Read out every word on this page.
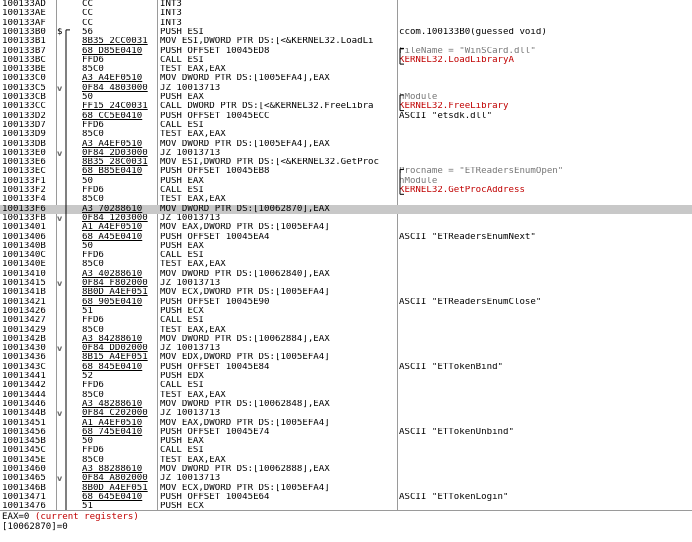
100133AD	CC	INT3
100133AE	CC	INT3
100133AF	CC	INT3
100133B0	$	56	PUSH ESI	ccom.100133B0(guessed void)
100133B1	8B35 2CC0031	MOV ESI,DWORD PTR DS:[<&KERNEL32.LoadLi
100133B7	68 D85E0410	PUSH OFFSET 10045ED8	FileName = "WinSCard.dll"
100133BC	FFD6	CALL ESI	KERNEL32.LoadLibraryA
100133BE	85C0	TEST EAX,EAX
100133C0	A3 A4EF0510	MOV DWORD PTR DS:[1005EFA4],EAX
100133C5	v	0F84 4803000	JZ 10013713
100133CB	50	PUSH EAX	hModule
100133CC	FF15 24C0031	CALL DWORD PTR DS:[<&KERNEL32.FreeLibra	KERNEL32.FreeLibrary
100133D2	68 CC5E0410	PUSH OFFSET 10045ECC	ASCII "etsdk.dll"
100133D7	FFD6	CALL ESI
100133D9	85C0	TEST EAX,EAX
100133DB	A3 A4EF0510	MOV DWORD PTR DS:[1005EFA4],EAX
100133E0	v	0F84 2D03000	JZ 10013713
100133E6	8B35 28C0031	MOV ESI,DWORD PTR DS:[<&KERNEL32.GetProc
100133EC	68 B85E0410	PUSH OFFSET 10045EB8	Procname = "ETReadersEnumOpen"
100133F1	50	PUSH EAX	hModule
100133F2	FFD6	CALL ESI	KERNEL32.GetProcAddress
100133F4	85C0	TEST EAX,EAX
100133F6	A3 70288610	MOV DWORD PTR DS:[10062870],EAX
100133FB	v	0F84 1203000	JZ 10013713
10013401	A1 A4EF0510	MOV EAX,DWORD PTR DS:[1005EFA4]
10013406	68 A45E0410	PUSH OFFSET 10045EA4	ASCII "ETReadersEnumNext"
1001340B	50	PUSH EAX
1001340C	FFD6	CALL ESI
1001340E	85C0	TEST EAX,EAX
10013410	A3 40288610	MOV DWORD PTR DS:[10062840],EAX
10013415	v	0F84 F802000	JZ 10013713
1001341B	8B0D A4EF051	MOV ECX,DWORD PTR DS:[1005EFA4]
10013421	68 905E0410	PUSH OFFSET 10045E90	ASCII "ETReadersEnumClose"
10013426	51	PUSH ECX
10013427	FFD6	CALL ESI
10013429	85C0	TEST EAX,EAX
1001342B	A3 84288610	MOV DWORD PTR DS:[10062884],EAX
10013430	v	0F84 DD02000	JZ 10013713
10013436	8B15 A4EF051	MOV EDX,DWORD PTR DS:[1005EFA4]
1001343C	68 845E0410	PUSH OFFSET 10045E84	ASCII "ETTokenBind"
10013441	52	PUSH EDX
10013442	FFD6	CALL ESI
10013444	85C0	TEST EAX,EAX
10013446	A3 48288610	MOV DWORD PTR DS:[10062848],EAX
1001344B	v	0F84 C202000	JZ 10013713
10013451	A1 A4EF0510	MOV EAX,DWORD PTR DS:[1005EFA4]
10013456	68 745E0410	PUSH OFFSET 10045E74	ASCII "ETTokenUnbind"
1001345B	50	PUSH EAX
1001345C	FFD6	CALL ESI
1001345E	85C0	TEST EAX,EAX
10013460	A3 88288610	MOV DWORD PTR DS:[10062888],EAX
10013465	v	0F84 A802000	JZ 10013713
1001346B	8B0D A4EF051	MOV ECX,DWORD PTR DS:[1005EFA4]
10013471	68 645E0410	PUSH OFFSET 10045E64	ASCII "ETTokenLogin"
10013476	51	PUSH ECX
EAX=0 (current registers)
[10062870]=0
